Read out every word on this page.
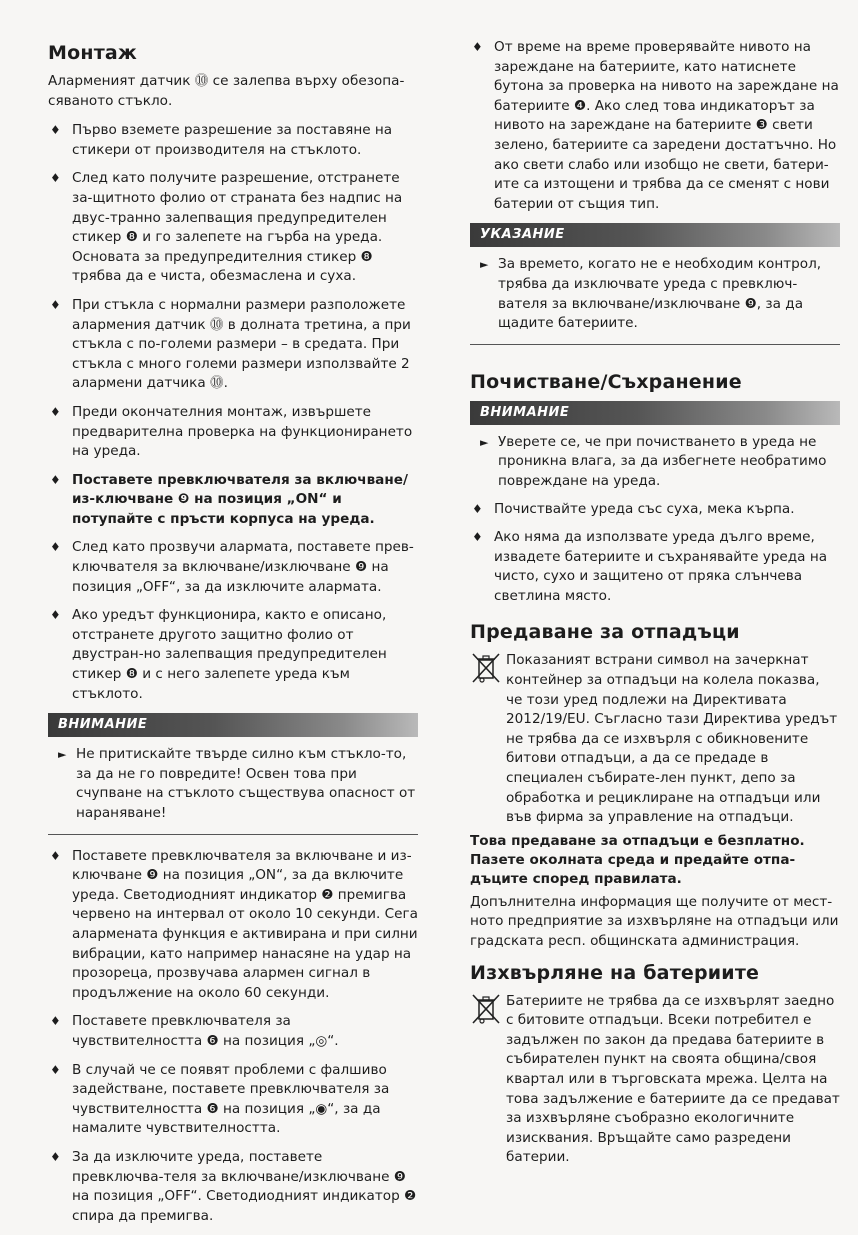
Монтаж

Алармeният датчик ⓾ се залепва върху обезопа-сяваното стъкло.

♦ Първо вземете разрешение за поставяне на стикери от производителя на стъклото.
♦ След като получите разрешение, отстранете за-щитното фолио от страната без надпис на двус-транно залепващия предупредителен стикер ❽ и го залепете на гърба на уреда. Основата за предупредителния стикер ❽ трябва да е чиста, обезмаслена и суха.
♦ При стъкла с нормални размери разположете алармения датчик ⓾ в долната третина, а при стъкла с по-големи размери – в средата. При стъкла с много големи размери използвайте 2 алармени датчика ⓾.
♦ Преди окончателния монтаж, извършете предварителна проверка на функционирането на уреда.
♦ Поставете превключвателя за включване/из-ключване ❾ на позиция „ON“ и потупайте с пръсти корпуса на уреда.
♦ След като прозвучи алармата, поставете прев-ключвателя за включване/изключване ❾ на позиция „OFF“, за да изключите алармата.
♦ Ако уредът функционира, както е описано, отстранете другото защитно фолио от двустран-но залепващия предупредителен стикер ❽ и с него залепете уреда към стъклото.
ВНИМАНИЕ
► Не притискайте твърде силно към стъкло-то, за да не го повредите! Освен това при счупване на стъклото съществува опасност от нараняване!
♦ Поставете превключвателя за включване и из-ключване ❾ на позиция „ON“, за да включите уреда. Светодиодният индикатор ❷ премигва червено на интервал от около 10 секунди. Сега алармената функция е активирана и при силни вибрации, като например нанасяне на удар на прозореца, прозвучава алармен сигнал в продължение на около 60 секунди.
♦ Поставете превключвателя за чувствителността ❻ на позиция „◎“.
♦ В случай че се появят проблеми с фалшиво задействане, поставете превключвателя за чувствителността ❻ на позиция „◉“, за да намалите чувствителността.
♦ За да изключите уреда, поставете превключва-теля за включване/изключване ❾ на позиция „OFF“. Светодиодният индикатор ❷ спира да премигва.
♦ От време на време проверявайте нивото на зареждане на батериите, като натиснете бутона за проверка на нивото на зареждане на батериите ❹. Ако след това индикаторът за нивото на зареждане на батериите ❸ свети зелено, батериите са заредени достатъчно. Но ако свети слабо или изобщо не свети, батери-ите са изтощени и трябва да се сменят с нови батерии от същия тип.
УКАЗАНИЕ
► За времето, когато не е необходим контрол, трябва да изключвате уреда с превключ-вателя за включване/изключване ❾, за да щадите батериите.
Почистване/Съхранение
ВНИМАНИЕ
► Уверете се, че при почистването в уреда не проникна влага, за да избегнете необратимо повреждане на уреда.
♦ Почиствайте уреда със суха, мека кърпа.
♦ Ако няма да използвате уреда дълго време, извадете батериите и съхранявайте уреда на чисто, сухо и защитено от пряка слънчева светлина място.
Предаване за отпадъци

Показаният встрани символ на зачеркнат контейнер за отпадъци на колела показва, че този уред подлежи на Директивата 2012/19/EU. Съгласно тази Директива уредът не трябва да се изхвърля с обикновените битови отпадъци, а да се предаде в специален събирате-лен пункт, депо за обработка и рециклиране на отпадъци или във фирма за управление на отпадъци.

Това предаване за отпадъци е безплатно. Пазете околната среда и предайте отпа-дъците според правилата.

Допълнителна информация ще получите от мест-ното предприятие за изхвърляне на отпадъци или градската респ. общинската администрация.

Изхвърляне на батериите

Батериите не трябва да се изхвърлят заедно с битовите отпадъци. Всеки потребител е задължен по закон да предава батериите в събирателен пункт на своята община/своя квартал или в търговската мрежа. Целта на това задължение е батериите да се предават за изхвърляне съобразно екологичните изисквания. Връщайте само разредени батерии.
